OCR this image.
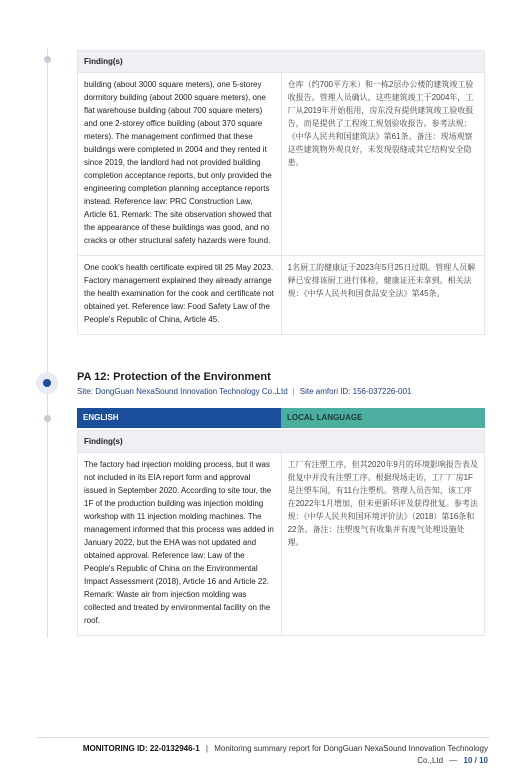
Finding(s)	
building (about 3000 square meters), one 5-storey dormitory building (about 2000 square meters), one flat warehouse building (about 700 square meters) and one 2-storey office building (about 370 square meters). The management confirmed that these buildings were completed in 2004 and they rented it since 2019, the landlord had not provided building completion acceptance reports, but only provided the engineering completion planning acceptance reports instead. Reference law: PRC Construction Law, Article 61. Remark: The site observation showed that the appearance of these buildings was good, and no cracks or other structural safety hazards were found.	仓库（约700平方米）和一栋2层办公楼的建筑竣工验收报告。管理人员确认，这些建筑竣工于2004年，工厂从2019年开始租用，房东没有提供建筑竣工验收报告，而是提供了工程竣工规划验收报告。参考法规：《中华人民共和国建筑法》第61条。备注：现场观察这些建筑物外观良好，未发现裂缝或其它结构安全隐患。
One cook's health certificate expired till 25 May 2023. Factory management explained they already arrange the health examination for the cook and certificate not obtained yet. Reference law: Food Safety Law of the People's Republic of China, Article 45.	1名厨工的健康证于2023年5月25日过期。管理人员解释已安排该厨工进行体检，健康证还未拿到。相关法规：《中华人民共和国食品安全法》第45条。
PA 12: Protection of the Environment
Site: DongGuan NexaSound Innovation Technology Co.,Ltd | Site amfori ID: 156-037226-001
ENGLISH	LOCAL LANGUAGE
Finding(s)
The factory had injection molding process, but it was not included in its EIA report form and approval issued in September 2020. According to site tour, the 1F of the production building was injection molding workshop with 11 injection molding machines. The management informed that this process was added in January 2022, but the EHA was not updated and obtained approval. Reference law: Law of the People's Republic of China on the Environmental Impact Assessment (2018), Article 16 and Article 22. Remark: Waste air from injection molding was collected and treated by environmental facility on the roof.	工厂有注塑工序，但其2020年9月的环境影响报告表及批复中并没有注塑工序。根据现场走访，工厂厂房1F是注塑车间，有11台注塑机。管理人员告知，该工序在2022年1月增加，但未更新环评及获得批复。参考法规：《中华人民共和国环境评价法》（2018）第16条和22条。备注：注塑废气有收集并有废气处理设施处理。
MONITORING ID: 22-0132946-1 | Monitoring summary report for DongGuan NexaSound Innovation Technology Co.,Ltd — 10 / 10
